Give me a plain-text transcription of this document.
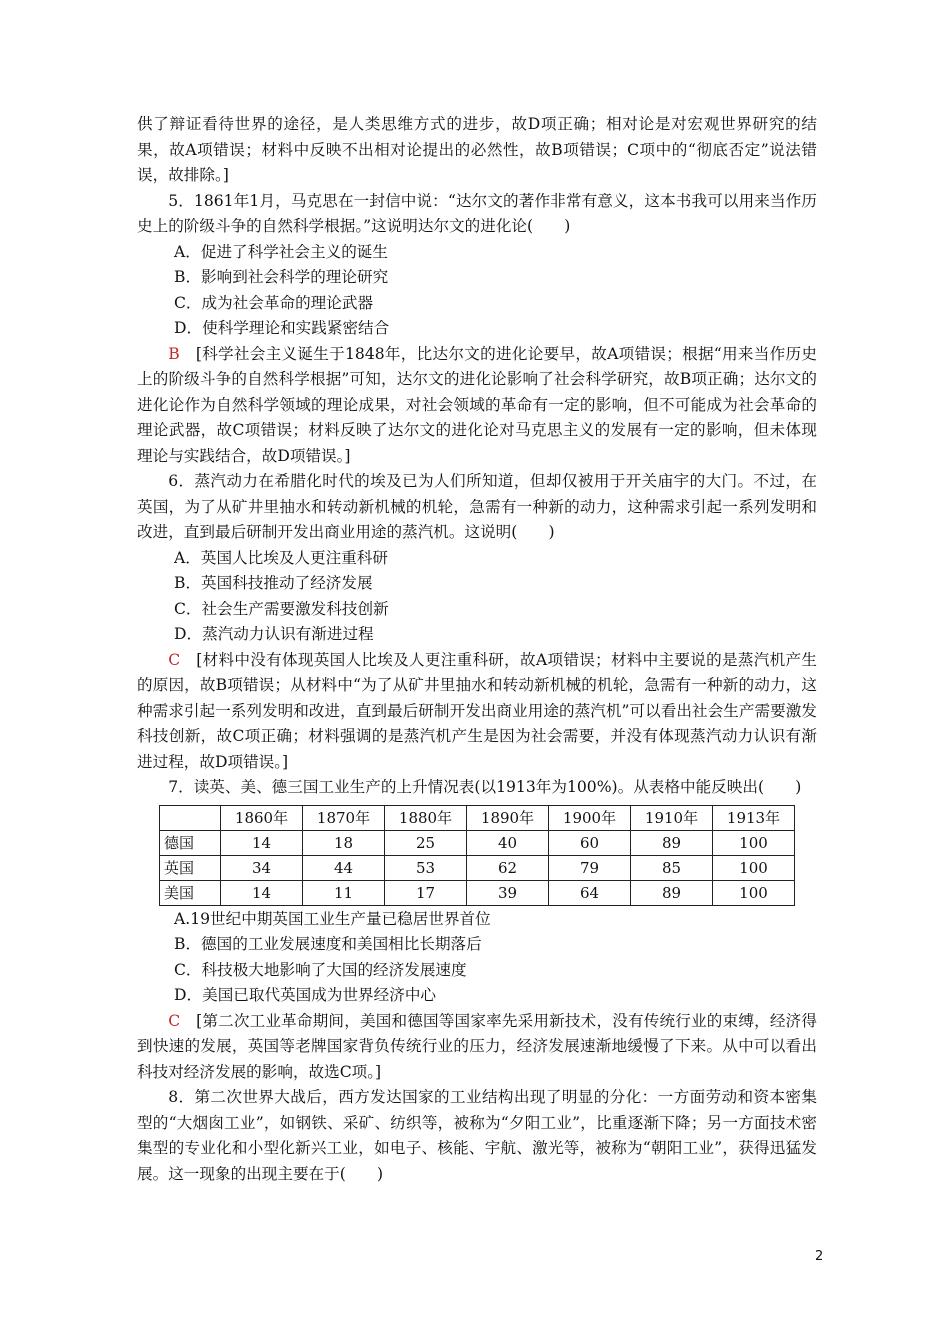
供了辩证看待世界的途径，是人类思维方式的进步，故D项正确；相对论是对宏观世界研究的结果，故A项错误；材料中反映不出相对论提出的必然性，故B项错误；C项中的“彻底否定”说法错误，故排除。]

5．1861年1月，马克思在一封信中说：“达尔文的著作非常有意义，这本书我可以用来当作历史上的阶级斗争的自然科学根据。”这说明达尔文的进化论(　　)

A．促进了科学社会主义的诞生

B．影响到社会科学的理论研究

C．成为社会革命的理论武器

D．使科学理论和实践紧密结合

B　 [科学社会主义诞生于1848年，比达尔文的进化论要早，故A项错误；根据“用来当作历史上的阶级斗争的自然科学根据”可知，达尔文的进化论影响了社会科学研究，故B项正确；达尔文的进化论作为自然科学领域的理论成果，对社会领域的革命有一定的影响，但不可能成为社会革命的理论武器，故C项错误；材料反映了达尔文的进化论对马克思主义的发展有一定的影响，但未体现理论与实践结合，故D项错误。]

6．蒸汽动力在希腊化时代的埃及已为人们所知道，但却仅被用于开关庙宇的大门。不过，在英国，为了从矿井里抽水和转动新机械的机轮，急需有一种新的动力，这种需求引起一系列发明和改进，直到最后研制开发出商业用途的蒸汽机。这说明(　　)

A．英国人比埃及人更注重科研

B．英国科技推动了经济发展

C．社会生产需要激发科技创新

D．蒸汽动力认识有渐进过程

C　 [材料中没有体现英国人比埃及人更注重科研，故A项错误；材料中主要说的是蒸汽机产生的原因，故B项错误；从材料中“为了从矿井里抽水和转动新机械的机轮，急需有一种新的动力，这种需求引起一系列发明和改进，直到最后研制开发出商业用途的蒸汽机”可以看出社会生产需要激发科技创新，故C项正确；材料强调的是蒸汽机产生是因为社会需要，并没有体现蒸汽动力认识有渐进过程，故D项错误。]

7．读英、美、德三国工业生产的上升情况表(以1913年为100%)。从表格中能反映出(　　)

	1860年	1870年	1880年	1890年	1900年	1910年	1913年
德国	14	18	25	40	60	89	100
英国	34	44	53	62	79	85	100
美国	14	11	17	39	64	89	100

A.19世纪中期英国工业生产量已稳居世界首位

B．德国的工业发展速度和美国相比长期落后

C．科技极大地影响了大国的经济发展速度

D．美国已取代英国成为世界经济中心

C　 [第二次工业革命期间，美国和德国等国家率先采用新技术，没有传统行业的束缚，经济得到快速的发展，英国等老牌国家背负传统行业的压力，经济发展速渐地缓慢了下来。从中可以看出科技对经济发展的影响，故选C项。]

8．第二次世界大战后，西方发达国家的工业结构出现了明显的分化：一方面劳动和资本密集型的“大烟囱工业”，如钢铁、采矿、纺织等，被称为“夕阳工业”，比重逐渐下降；另一方面技术密集型的专业化和小型化新兴工业，如电子、核能、宇航、激光等，被称为“朝阳工业”，获得迅猛发展。这一现象的出现主要在于(　　)

2
